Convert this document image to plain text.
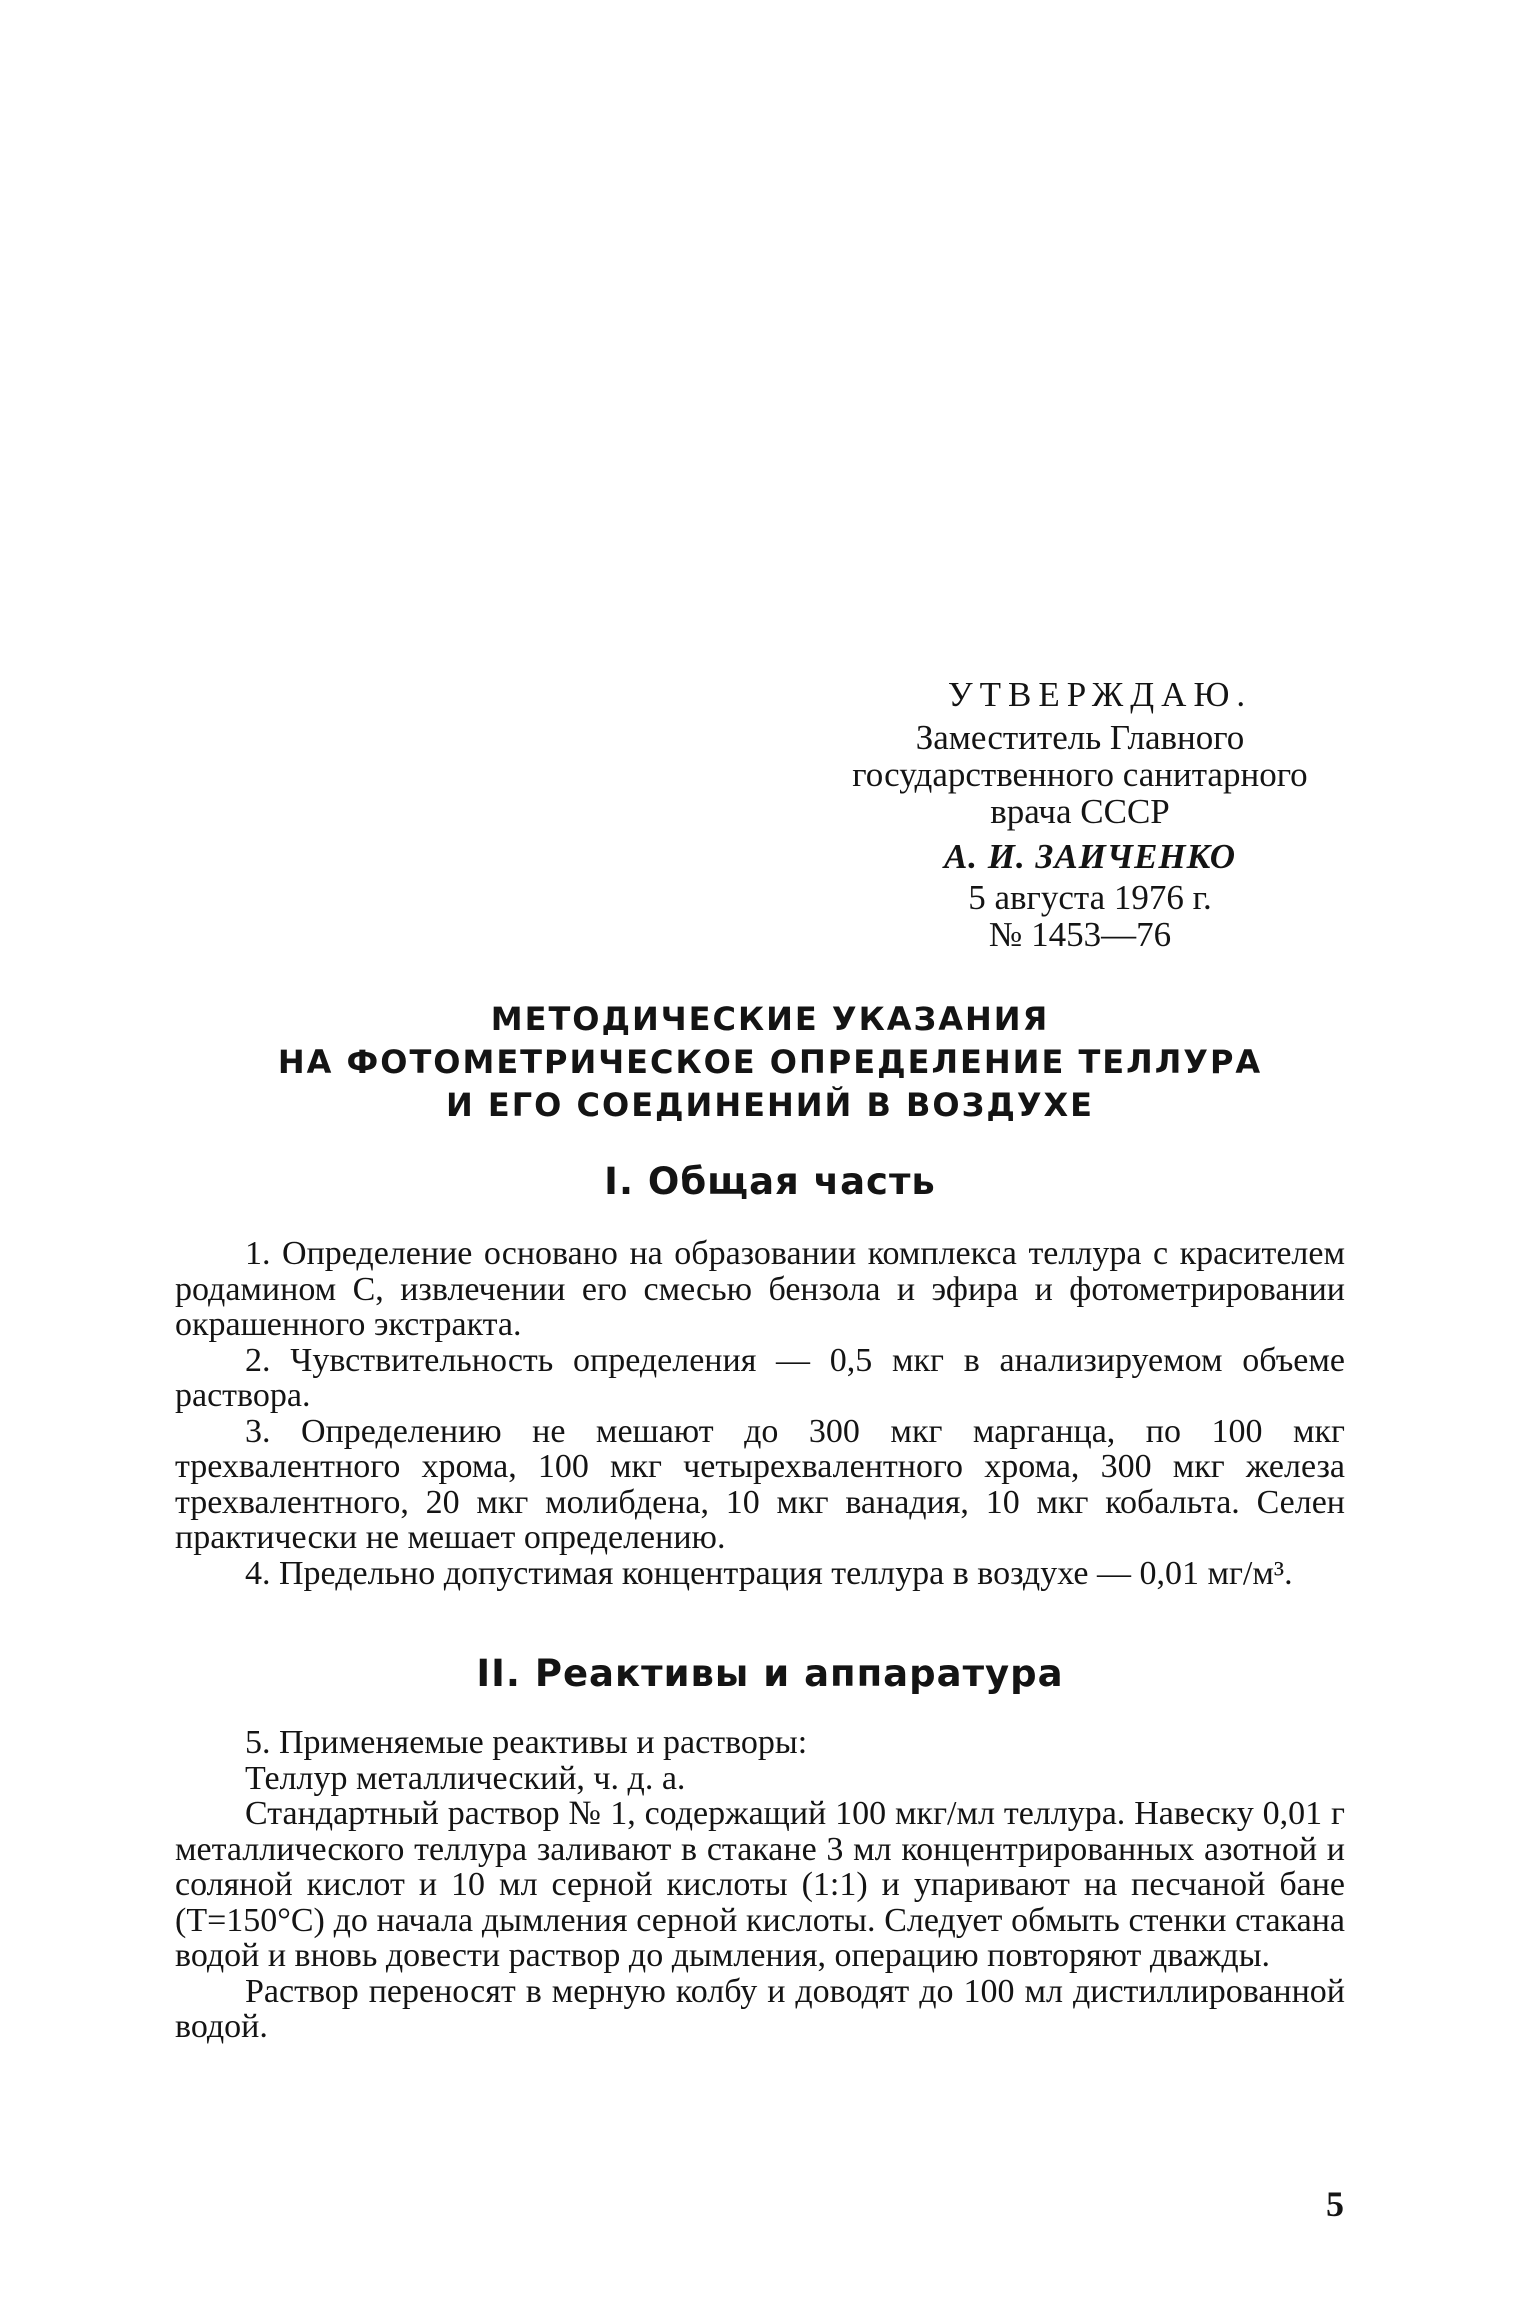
УТВЕРЖДАЮ.
Заместитель Главного
государственного санитарного
врача СССР
А. И. ЗАИЧЕНКО
5 августа 1976 г.
№ 1453—76
МЕТОДИЧЕСКИЕ УКАЗАНИЯ
НА ФОТОМЕТРИЧЕСКОЕ ОПРЕДЕЛЕНИЕ ТЕЛЛУРА
И ЕГО СОЕДИНЕНИЙ В ВОЗДУХЕ
I. Общая часть

1. Определение основано на образовании комплекса теллура с красителем родамином С, извлечении его смесью бензола и эфира и фотометрировании окрашенного экстракта.

2. Чувствительность определения — 0,5 мкг в анализируемом объеме раствора.

3. Определению не мешают до 300 мкг марганца, по 100 мкг трехвалентного хрома, 100 мкг четырехвалентного хрома, 300 мкг железа трехвалентного, 20 мкг молибдена, 10 мкг ванадия, 10 мкг кобальта. Селен практически не мешает определению.

4. Предельно допустимая концентрация теллура в воздухе — 0,01 мг/м³.

II. Реактивы и аппаратура

5. Применяемые реактивы и растворы:

Теллур металлический, ч. д. а.

Стандартный раствор № 1, содержащий 100 мкг/мл теллура. Навеску 0,01 г металлического теллура заливают в стакане 3 мл концентрированных азотной и соляной кислот и 10 мл серной кислоты (1:1) и упаривают на песчаной бане (T=150°С) до начала дымления серной кислоты. Следует обмыть стенки стакана водой и вновь довести раствор до дымления, операцию повторяют дважды.

Раствор переносят в мерную колбу и доводят до 100 мл дистиллированной водой.

5
